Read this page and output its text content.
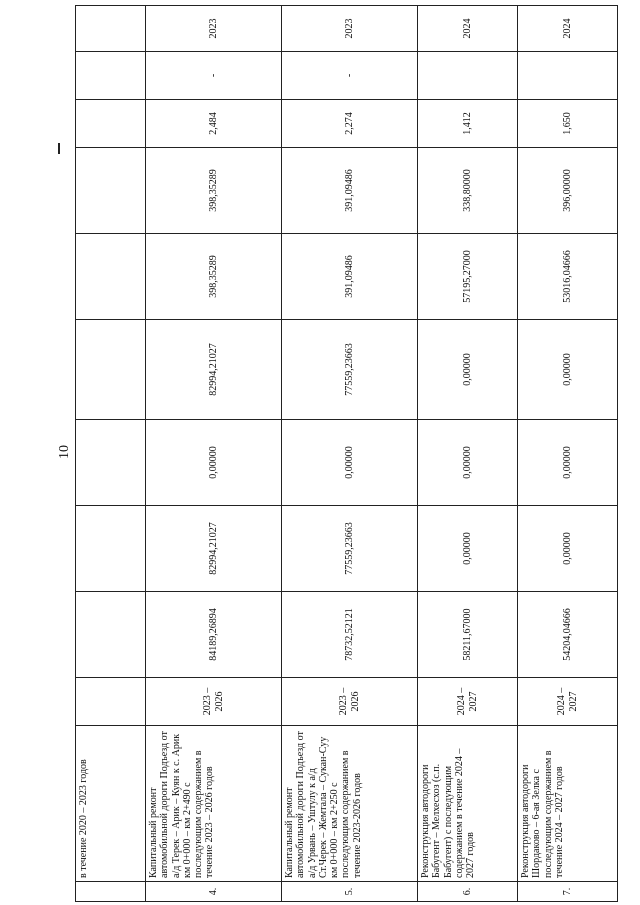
10
	в течение 2020 – 2023 годов										
4.	Капитальный ремонт автомобильной дороги Подъезд от а/д Терек – Арик – Куян к с. Арик км 0+000 – км 2+490 с последующим содержанием в течение 2023 – 2026 годов	2023 – 2026	84189,26894	82994,21027	0,00000	82994,21027	398,35289	398,35289	2,484	-	2023
5.	Капитальный ремонт автомобильной дороги Подъезд от а/д Урвань – Уштулу к а/д Ст.Черек – Жемтала – Сукан-Суу км 0+000 – км 2+250 с последующим содержанием в течение 2023-2026 годов	2023 – 2026	78732,52121	77559,23663	0,00000	77559,23663	391,09486	391,09486	2,274	-	2023
6.	Реконструкция автодороги Бабугент – Мелхесхоз (с.п. Бабугент) с последующим содержанием в течение 2024 – 2027 годов	2024 – 2027	58211,67000	0,00000	0,00000	0,00000	57195,27000	338,80000	1,412		2024
7.	Реконструкция автодороги Шордаково – 6-ая Зелка с последующим содержанием в течение 2024 – 2027 годов	2024 – 2027	54204,04666	0,00000	0,00000	0,00000	53016,04666	396,00000	1,650		2024
